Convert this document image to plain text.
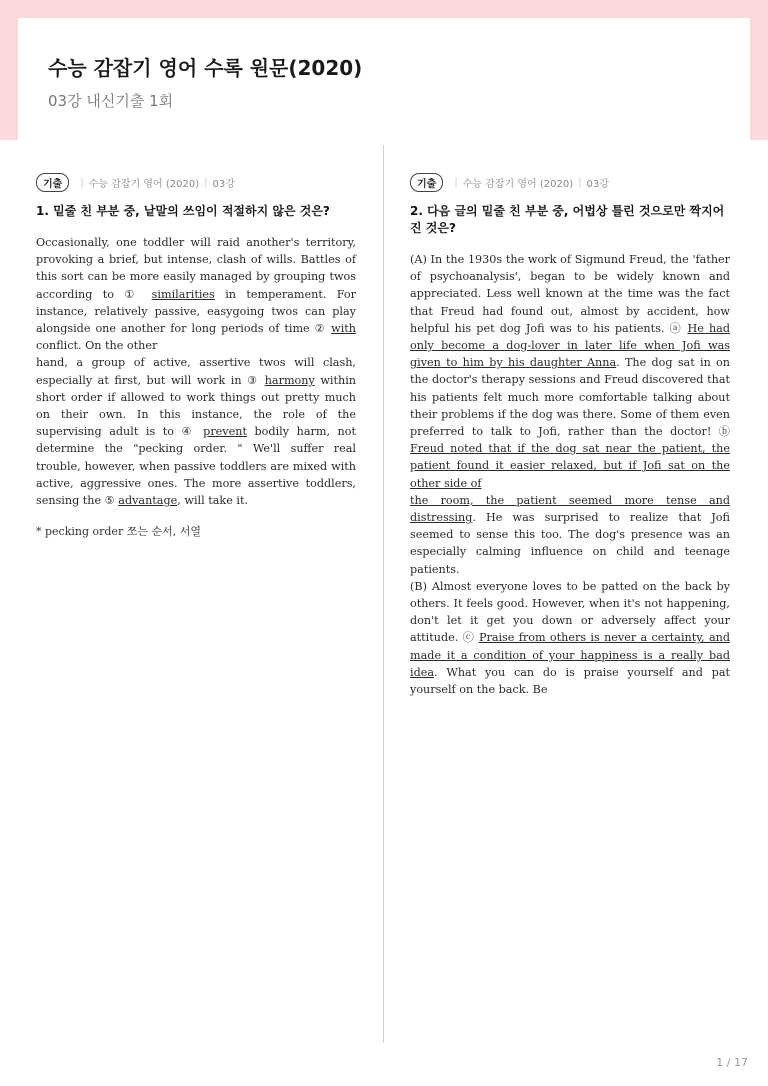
수능 감잡기 영어 수록 원문(2020)
03강 내신기출 1회
기출	| 수능 감잡기 영어 (2020) | 03강
1. 밑줄 친 부분 중, 낱말의 쓰임이 적절하지 않은 것은?

Occasionally, one toddler will raid another's territory, provoking a brief, but intense, clash of wills. Battles of this sort can be more easily managed by grouping twos according to ① similarities in temperament. For instance, relatively passive, easygoing twos can play alongside one another for long periods of time ② with conflict. On the other
hand, a group of active, assertive twos will clash, especially at first, but will work in ③ harmony within short order if allowed to work things out pretty much on their own. In this instance, the role of the supervising adult is to ④ prevent bodily harm, not determine the "pecking order. " We'll suffer real trouble, however, when passive toddlers are mixed with active, aggressive ones. The more assertive toddlers, sensing the ⑤ advantage, will take it.

* pecking order 쪼는 순서, 서열
기출	| 수능 감잡기 영어 (2020) | 03강
2. 다음 글의 밑줄 친 부분 중, 어법상 틀린 것으로만 짝지어진 것은?

(A) In the 1930s the work of Sigmund Freud, the 'father of psychoanalysis', began to be widely known and appreciated. Less well known at the time was the fact that Freud had found out, almost by accident, how helpful his pet dog Jofi was to his patients. ⓐ He had only become a dog-lover in later life when Jofi was given to him by his daughter Anna. The dog sat in on the doctor's therapy sessions and Freud discovered that his patients felt much more comfortable talking about their problems if the dog was there. Some of them even preferred to talk to Jofi, rather than the doctor! ⓑ Freud noted that if the dog sat near the patient, the patient found it easier relaxed, but if Jofi sat on the other side of
the room, the patient seemed more tense and distressing. He was surprised to realize that Jofi seemed to sense this too. The dog's presence was an especially calming influence on child and teenage patients.
(B) Almost everyone loves to be patted on the back by others. It feels good. However, when it's not happening, don't let it get you down or adversely affect your attitude. ⓒ Praise from others is never a certainty, and made it a condition of your happiness is a really bad idea. What you can do is praise yourself and pat yourself on the back. Be

1 / 17
